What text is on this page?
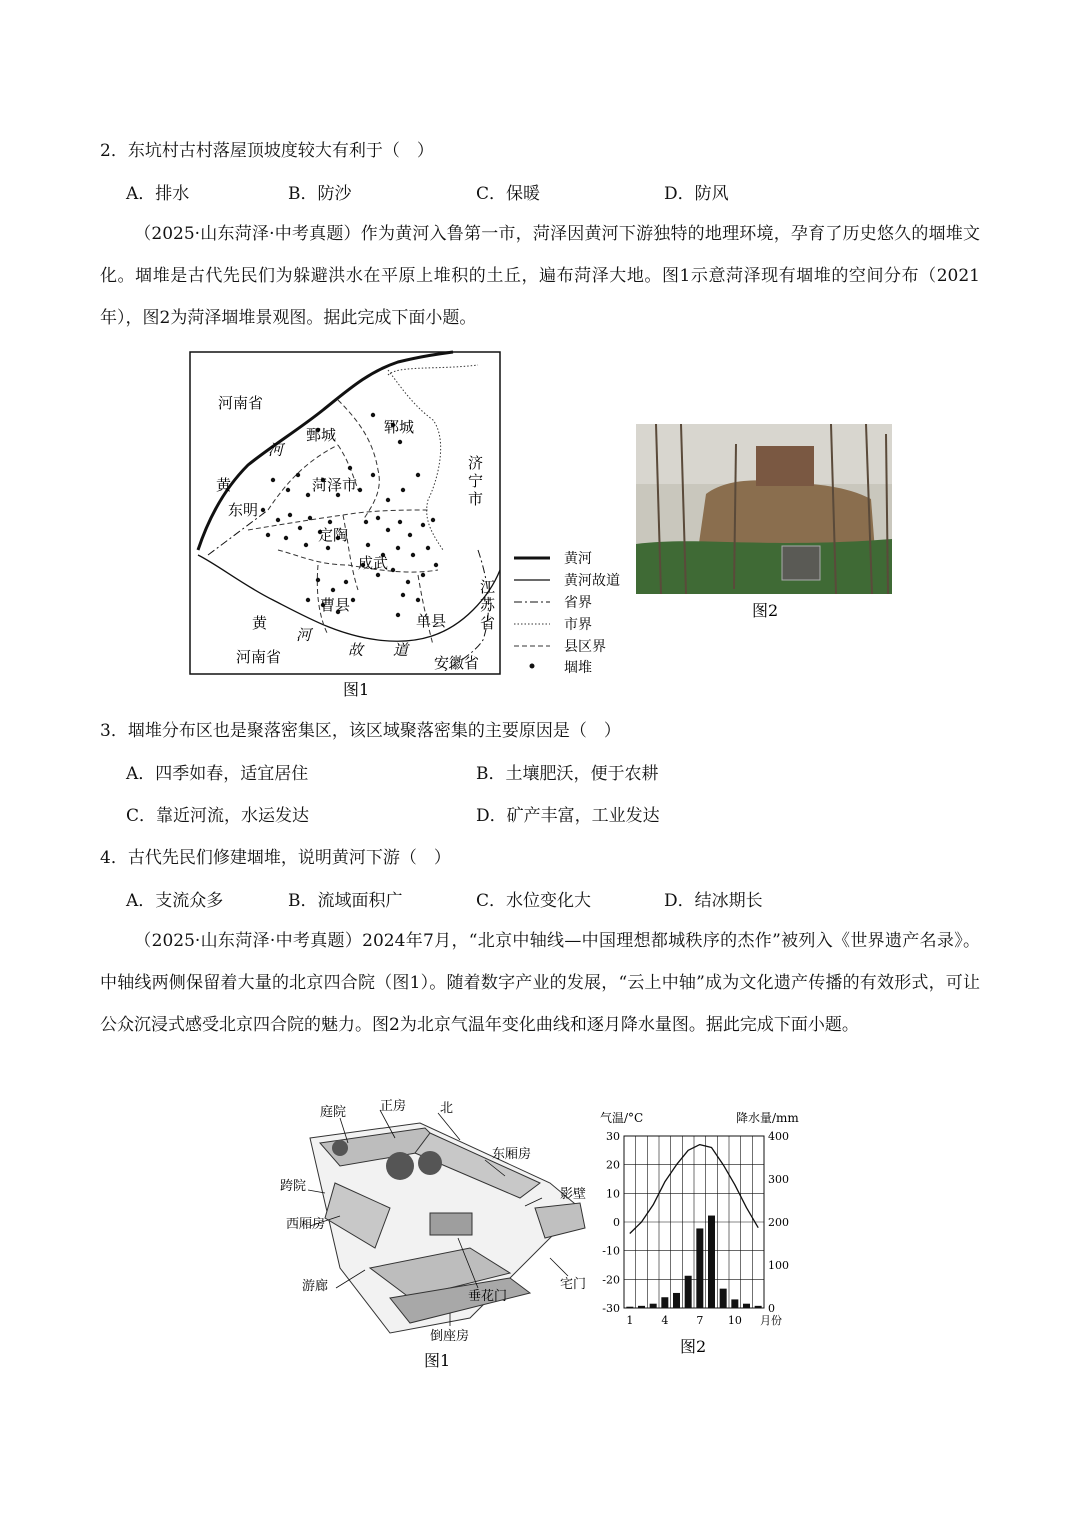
2．东坑村古村落屋顶坡度较大有利于（　）
A．排水	B．防沙	C．保暖	D．防风
（2025·山东菏泽·中考真题）作为黄河入鲁第一市，菏泽因黄河下游独特的地理环境，孕育了历史悠久的堌堆文化。堌堆是古代先民们为躲避洪水在平原上堆积的土丘，遍布菏泽大地。图1示意菏泽现有堌堆的空间分布（2021年），图2为菏泽堌堆景观图。据此完成下面小题。
河南省
河
黄
鄄城	郓城
菏泽市
东明
定陶
成武
曹县
单县
济宁市
江苏省
黄
河
故 道
河南省	安徽省
图1
黄河
黄河故道
省界
市界
县区界
堌堆
图2
3．堌堆分布区也是聚落密集区，该区域聚落密集的主要原因是（　）
A．四季如春，适宜居住	B．土壤肥沃，便于农耕
C．靠近河流，水运发达	D．矿产丰富，工业发达
4．古代先民们修建堌堆，说明黄河下游（　）
A．支流众多	B．流域面积广	C．水位变化大	D．结冰期长
（2025·山东菏泽·中考真题）2024年7月，“北京中轴线—中国理想都城秩序的杰作”被列入《世界遗产名录》。中轴线两侧保留着大量的北京四合院（图1）。随着数字产业的发展，“云上中轴”成为文化遗产传播的有效形式，可让公众沉浸式感受北京四合院的魅力。图2为北京气温年变化曲线和逐月降水量图。据此完成下面小题。
庭院	正房	北
东厢房
跨院
影壁
西厢房
游廊	宅门
垂花门
倒座房
图1
气温/°C	降水量/mm
30
20
10
0
-10
-20
-30
400
300
200
100
0
1	4	7 10 月份
图2
